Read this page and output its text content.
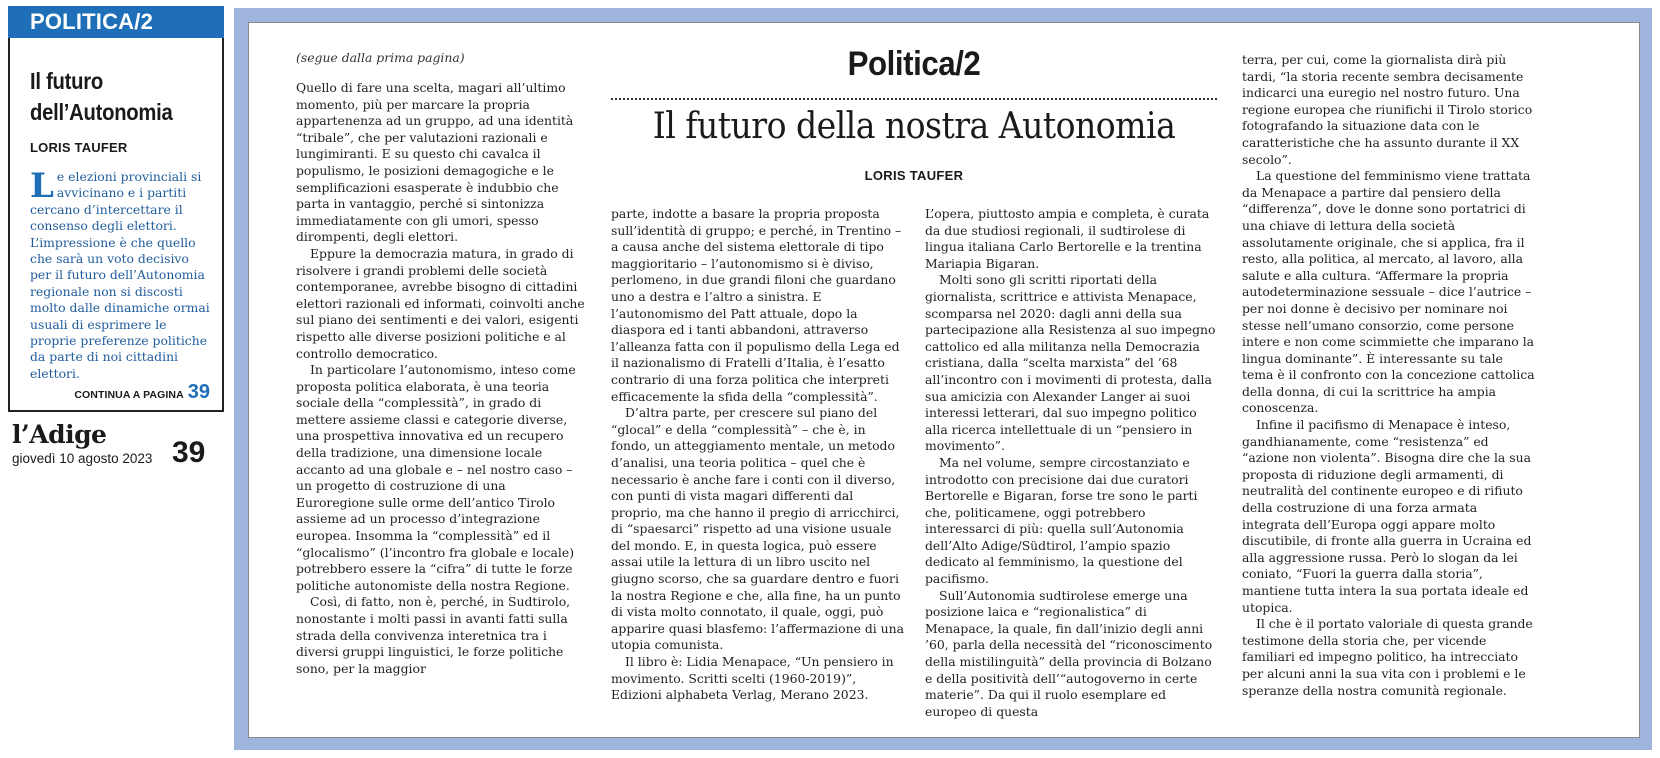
POLITICA/2
Il futuro
dell’Autonomia
LORIS TAUFER
Le elezioni provinciali si avvicinano e i partiti cercano d’intercettare il consenso degli elettori. L’impressione è che quello che sarà un voto decisivo per il futuro dell’Autonomia regionale non si discosti molto dalle dinamiche ormai usuali di esprimere le proprie preferenze politiche da parte di noi cittadini elettori.
CONTINUA A PAGINA 39
l’Adige
giovedì 10 agosto 2023 39
(segue dalla prima pagina)

Quello di fare una scelta, magari all’ultimo momento, più per marcare la propria appartenenza ad un gruppo, ad una identità “tribale”, che per valutazioni razionali e lungimiranti. E su questo chi cavalca il populismo, le posizioni demagogiche e le semplificazioni esasperate è indubbio che parta in vantaggio, perché si sintonizza immediatamente con gli umori, spesso dirompenti, degli elettori.

Eppure la democrazia matura, in grado di risolvere i grandi problemi delle società contemporanee, avrebbe bisogno di cittadini elettori razionali ed informati, coinvolti anche sul piano dei sentimenti e dei valori, esigenti rispetto alle diverse posizioni politiche e al controllo democratico.

In particolare l’autonomismo, inteso come proposta politica elaborata, è una teoria sociale della “complessità”, in grado di mettere assieme classi e categorie diverse, una prospettiva innovativa ed un recupero della tradizione, una dimensione locale accanto ad una globale e – nel nostro caso – un progetto di costruzione di una Euroregione sulle orme dell’antico Tirolo assieme ad un processo d’integrazione europea. Insomma la “complessità” ed il “glocalismo” (l’incontro fra globale e locale) potrebbero essere la “cifra” di tutte le forze politiche autonomiste della nostra Regione.

Così, di fatto, non è, perché, in Sudtirolo, nonostante i molti passi in avanti fatti sulla strada della convivenza interetnica tra i diversi gruppi linguistici, le forze politiche sono, per la maggior

Politica/2
Il futuro della nostra Autonomia
LORIS TAUFER

parte, indotte a basare la propria proposta sull’identità di gruppo; e perché, in Trentino – a causa anche del sistema elettorale di tipo maggioritario – l’autonomismo si è diviso, perlomeno, in due grandi filoni che guardano uno a destra e l’altro a sinistra. E l’autonomismo del Patt attuale, dopo la diaspora ed i tanti abbandoni, attraverso l’alleanza fatta con il populismo della Lega ed il nazionalismo di Fratelli d’Italia, è l’esatto contrario di una forza politica che interpreti efficacemente la sfida della “complessità”.

D’altra parte, per crescere sul piano del “glocal” e della “complessità” – che è, in fondo, un atteggiamento mentale, un metodo d’analisi, una teoria politica – quel che è necessario è anche fare i conti con il diverso, con punti di vista magari differenti dal proprio, ma che hanno il pregio di arricchirci, di “spaesarci” rispetto ad una visione usuale del mondo. E, in questa logica, può essere assai utile la lettura di un libro uscito nel giugno scorso, che sa guardare dentro e fuori la nostra Regione e che, alla fine, ha un punto di vista molto connotato, il quale, oggi, può apparire quasi blasfemo: l’affermazione di una utopia comunista.

Il libro è: Lidia Menapace, “Un pensiero in movimento. Scritti scelti (1960-2019)”, Edizioni alphabeta Verlag, Merano 2023.

L’opera, piuttosto ampia e completa, è curata da due studiosi regionali, il sudtirolese di lingua italiana Carlo Bertorelle e la trentina Mariapia Bigaran.

Molti sono gli scritti riportati della giornalista, scrittrice e attivista Menapace, scomparsa nel 2020: dagli anni della sua partecipazione alla Resistenza al suo impegno cattolico ed alla militanza nella Democrazia cristiana, dalla “scelta marxista” del ’68 all’incontro con i movimenti di protesta, dalla sua amicizia con Alexander Langer ai suoi interessi letterari, dal suo impegno politico alla ricerca intellettuale di un “pensiero in movimento”.

Ma nel volume, sempre circostanziato e introdotto con precisione dai due curatori Bertorelle e Bigaran, forse tre sono le parti che, politicamene, oggi potrebbero interessarci di più: quella sull’Autonomia dell’Alto Adige/Südtirol, l’ampio spazio dedicato al femminismo, la questione del pacifismo.

Sull’Autonomia sudtirolese emerge una posizione laica e “regionalistica” di Menapace, la quale, fin dall’inizio degli anni ’60, parla della necessità del “riconoscimento della mistilinguità” della provincia di Bolzano e della positività dell’“autogoverno in certe materie”. Da qui il ruolo esemplare ed europeo di questa

terra, per cui, come la giornalista dirà più tardi, “la storia recente sembra decisamente indicarci una euregio nel nostro futuro. Una regione europea che riunifichi il Tirolo storico fotografando la situazione data con le caratteristiche che ha assunto durante il XX secolo”.

La questione del femminismo viene trattata da Menapace a partire dal pensiero della “differenza”, dove le donne sono portatrici di una chiave di lettura della società assolutamente originale, che si applica, fra il resto, alla politica, al mercato, al lavoro, alla salute e alla cultura. “Affermare la propria autodeterminazione sessuale – dice l’autrice – per noi donne è decisivo per nominare noi stesse nell’umano consorzio, come persone intere e non come scimmiette che imparano la lingua dominante”. È interessante su tale tema è il confronto con la concezione cattolica della donna, di cui la scrittrice ha ampia conoscenza.

Infine il pacifismo di Menapace è inteso, gandhianamente, come “resistenza” ed “azione non violenta”. Bisogna dire che la sua proposta di riduzione degli armamenti, di neutralità del continente europeo e di rifiuto della costruzione di una forza armata integrata dell’Europa oggi appare molto discutibile, di fronte alla guerra in Ucraina ed alla aggressione russa. Però lo slogan da lei coniato, “Fuori la guerra dalla storia”, mantiene tutta intera la sua portata ideale ed utopica.

Il che è il portato valoriale di questa grande testimone della storia che, per vicende familiari ed impegno politico, ha intrecciato per alcuni anni la sua vita con i problemi e le speranze della nostra comunità regionale.
